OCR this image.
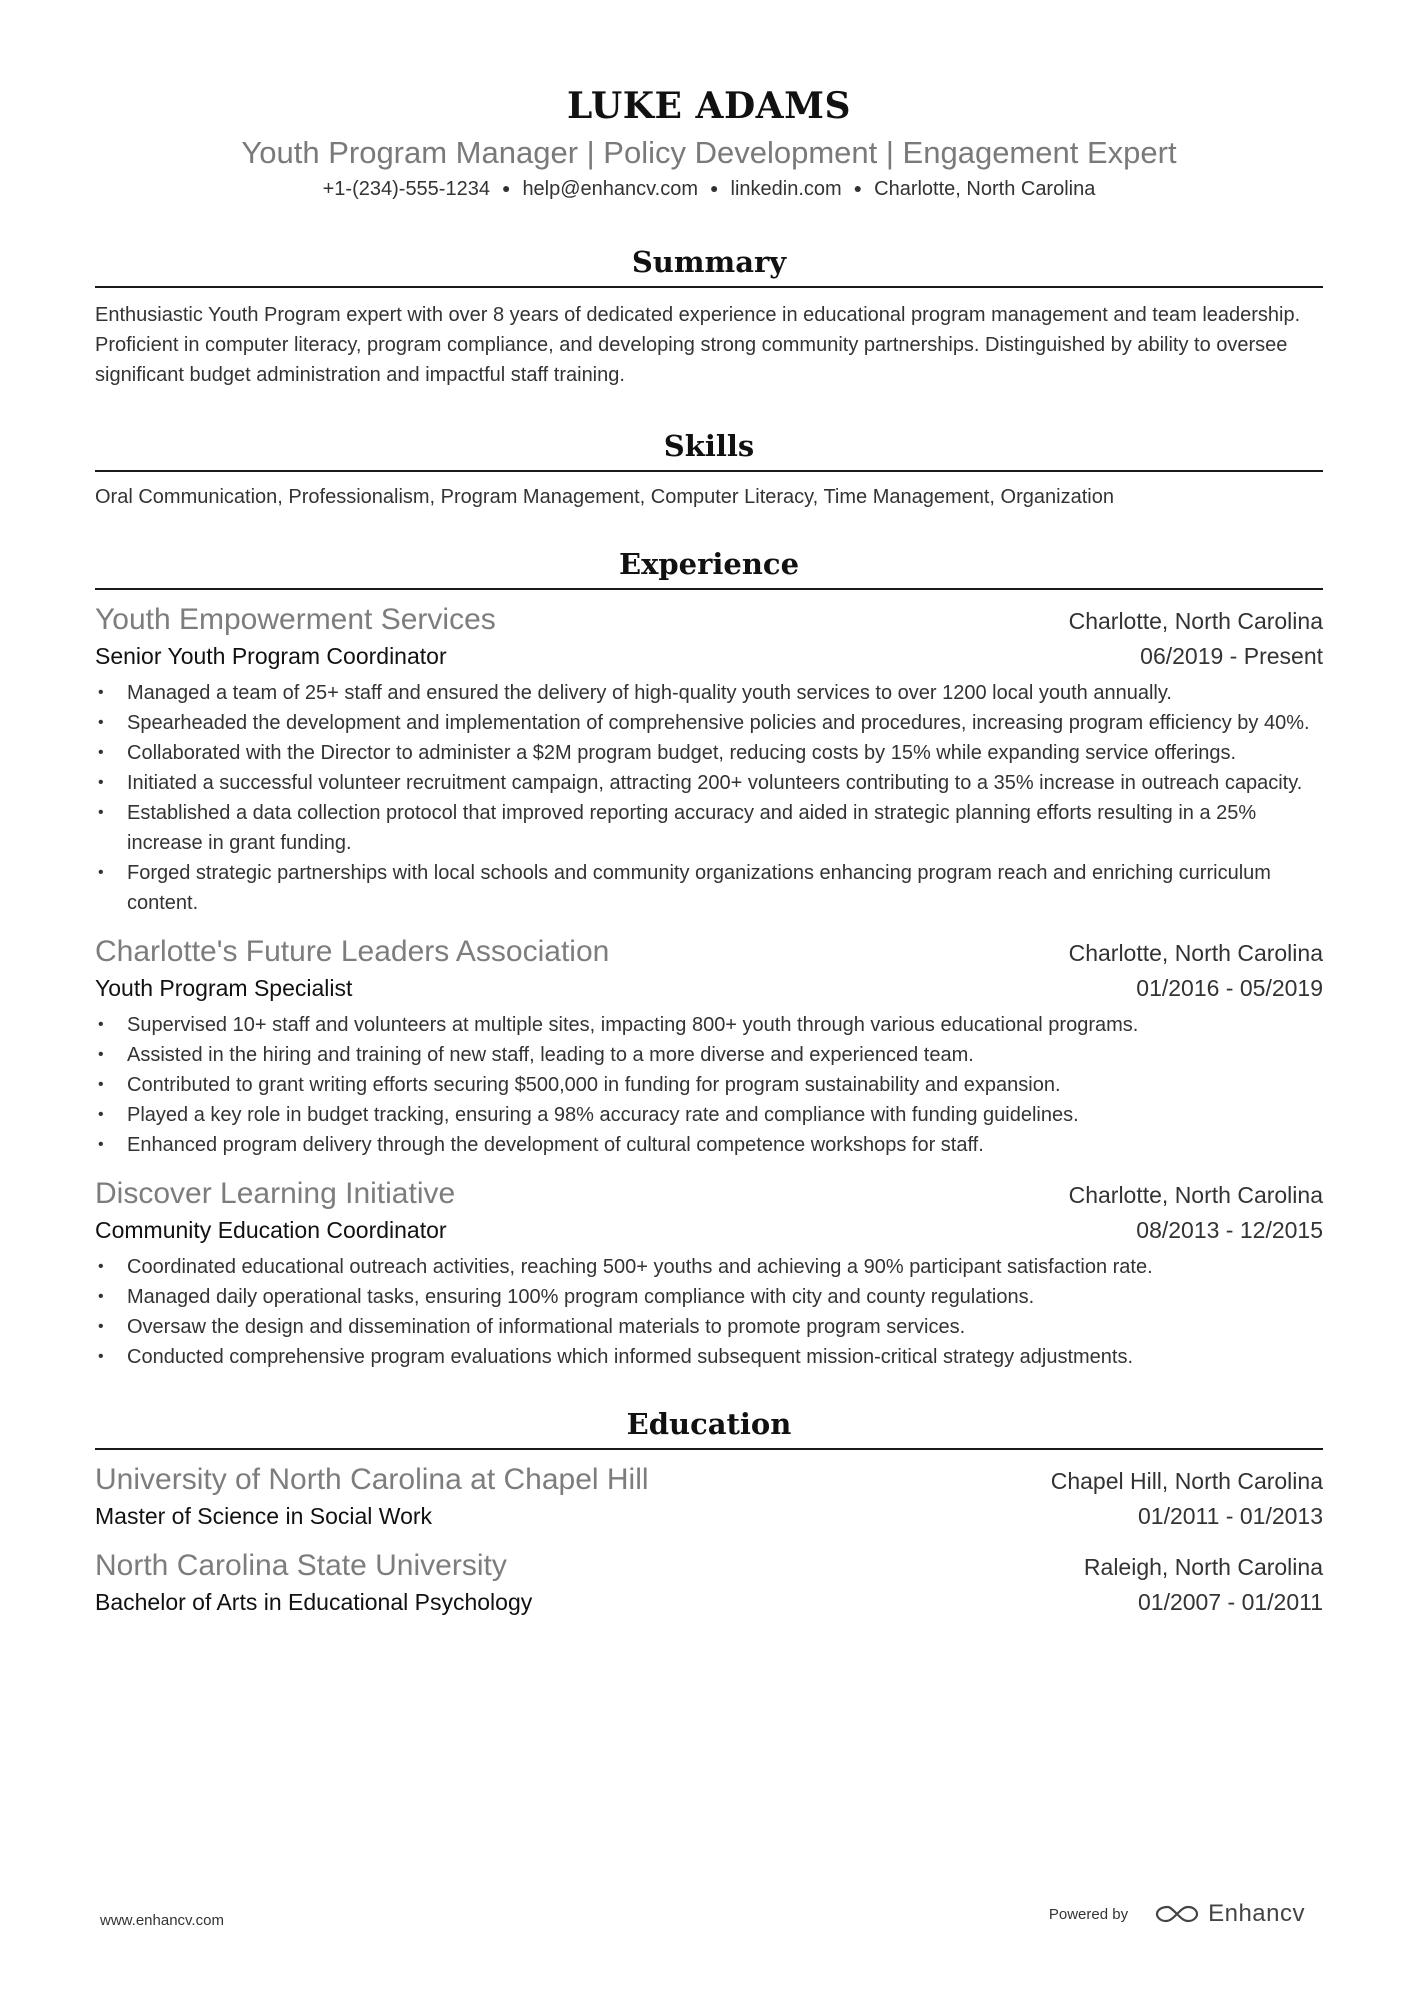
LUKE ADAMS
Youth Program Manager | Policy Development | Engagement Expert
+1-(234)-555-1234 ● help@enhancv.com ● linkedin.com ● Charlotte, North Carolina
Summary
Enthusiastic Youth Program expert with over 8 years of dedicated experience in educational program management and team leadership. Proficient in computer literacy, program compliance, and developing strong community partnerships. Distinguished by ability to oversee significant budget administration and impactful staff training.
Skills
Oral Communication, Professionalism, Program Management, Computer Literacy, Time Management, Organization
Experience
Youth Empowerment Services	Charlotte, North Carolina
Senior Youth Program Coordinator	06/2019 - Present
• Managed a team of 25+ staff and ensured the delivery of high-quality youth services to over 1200 local youth annually.
• Spearheaded the development and implementation of comprehensive policies and procedures, increasing program efficiency by 40%.
• Collaborated with the Director to administer a $2M program budget, reducing costs by 15% while expanding service offerings.
• Initiated a successful volunteer recruitment campaign, attracting 200+ volunteers contributing to a 35% increase in outreach capacity.
• Established a data collection protocol that improved reporting accuracy and aided in strategic planning efforts resulting in a 25% increase in grant funding.
• Forged strategic partnerships with local schools and community organizations enhancing program reach and enriching curriculum content.
Charlotte's Future Leaders Association	Charlotte, North Carolina
Youth Program Specialist	01/2016 - 05/2019
• Supervised 10+ staff and volunteers at multiple sites, impacting 800+ youth through various educational programs.
• Assisted in the hiring and training of new staff, leading to a more diverse and experienced team.
• Contributed to grant writing efforts securing $500,000 in funding for program sustainability and expansion.
• Played a key role in budget tracking, ensuring a 98% accuracy rate and compliance with funding guidelines.
• Enhanced program delivery through the development of cultural competence workshops for staff.
Discover Learning Initiative	Charlotte, North Carolina
Community Education Coordinator	08/2013 - 12/2015
• Coordinated educational outreach activities, reaching 500+ youths and achieving a 90% participant satisfaction rate.
• Managed daily operational tasks, ensuring 100% program compliance with city and county regulations.
• Oversaw the design and dissemination of informational materials to promote program services.
• Conducted comprehensive program evaluations which informed subsequent mission-critical strategy adjustments.
Education
University of North Carolina at Chapel Hill	Chapel Hill, North Carolina
Master of Science in Social Work	01/2011 - 01/2013
North Carolina State University	Raleigh, North Carolina
Bachelor of Arts in Educational Psychology	01/2007 - 01/2011
www.enhancv.com	Powered by	Enhancv
